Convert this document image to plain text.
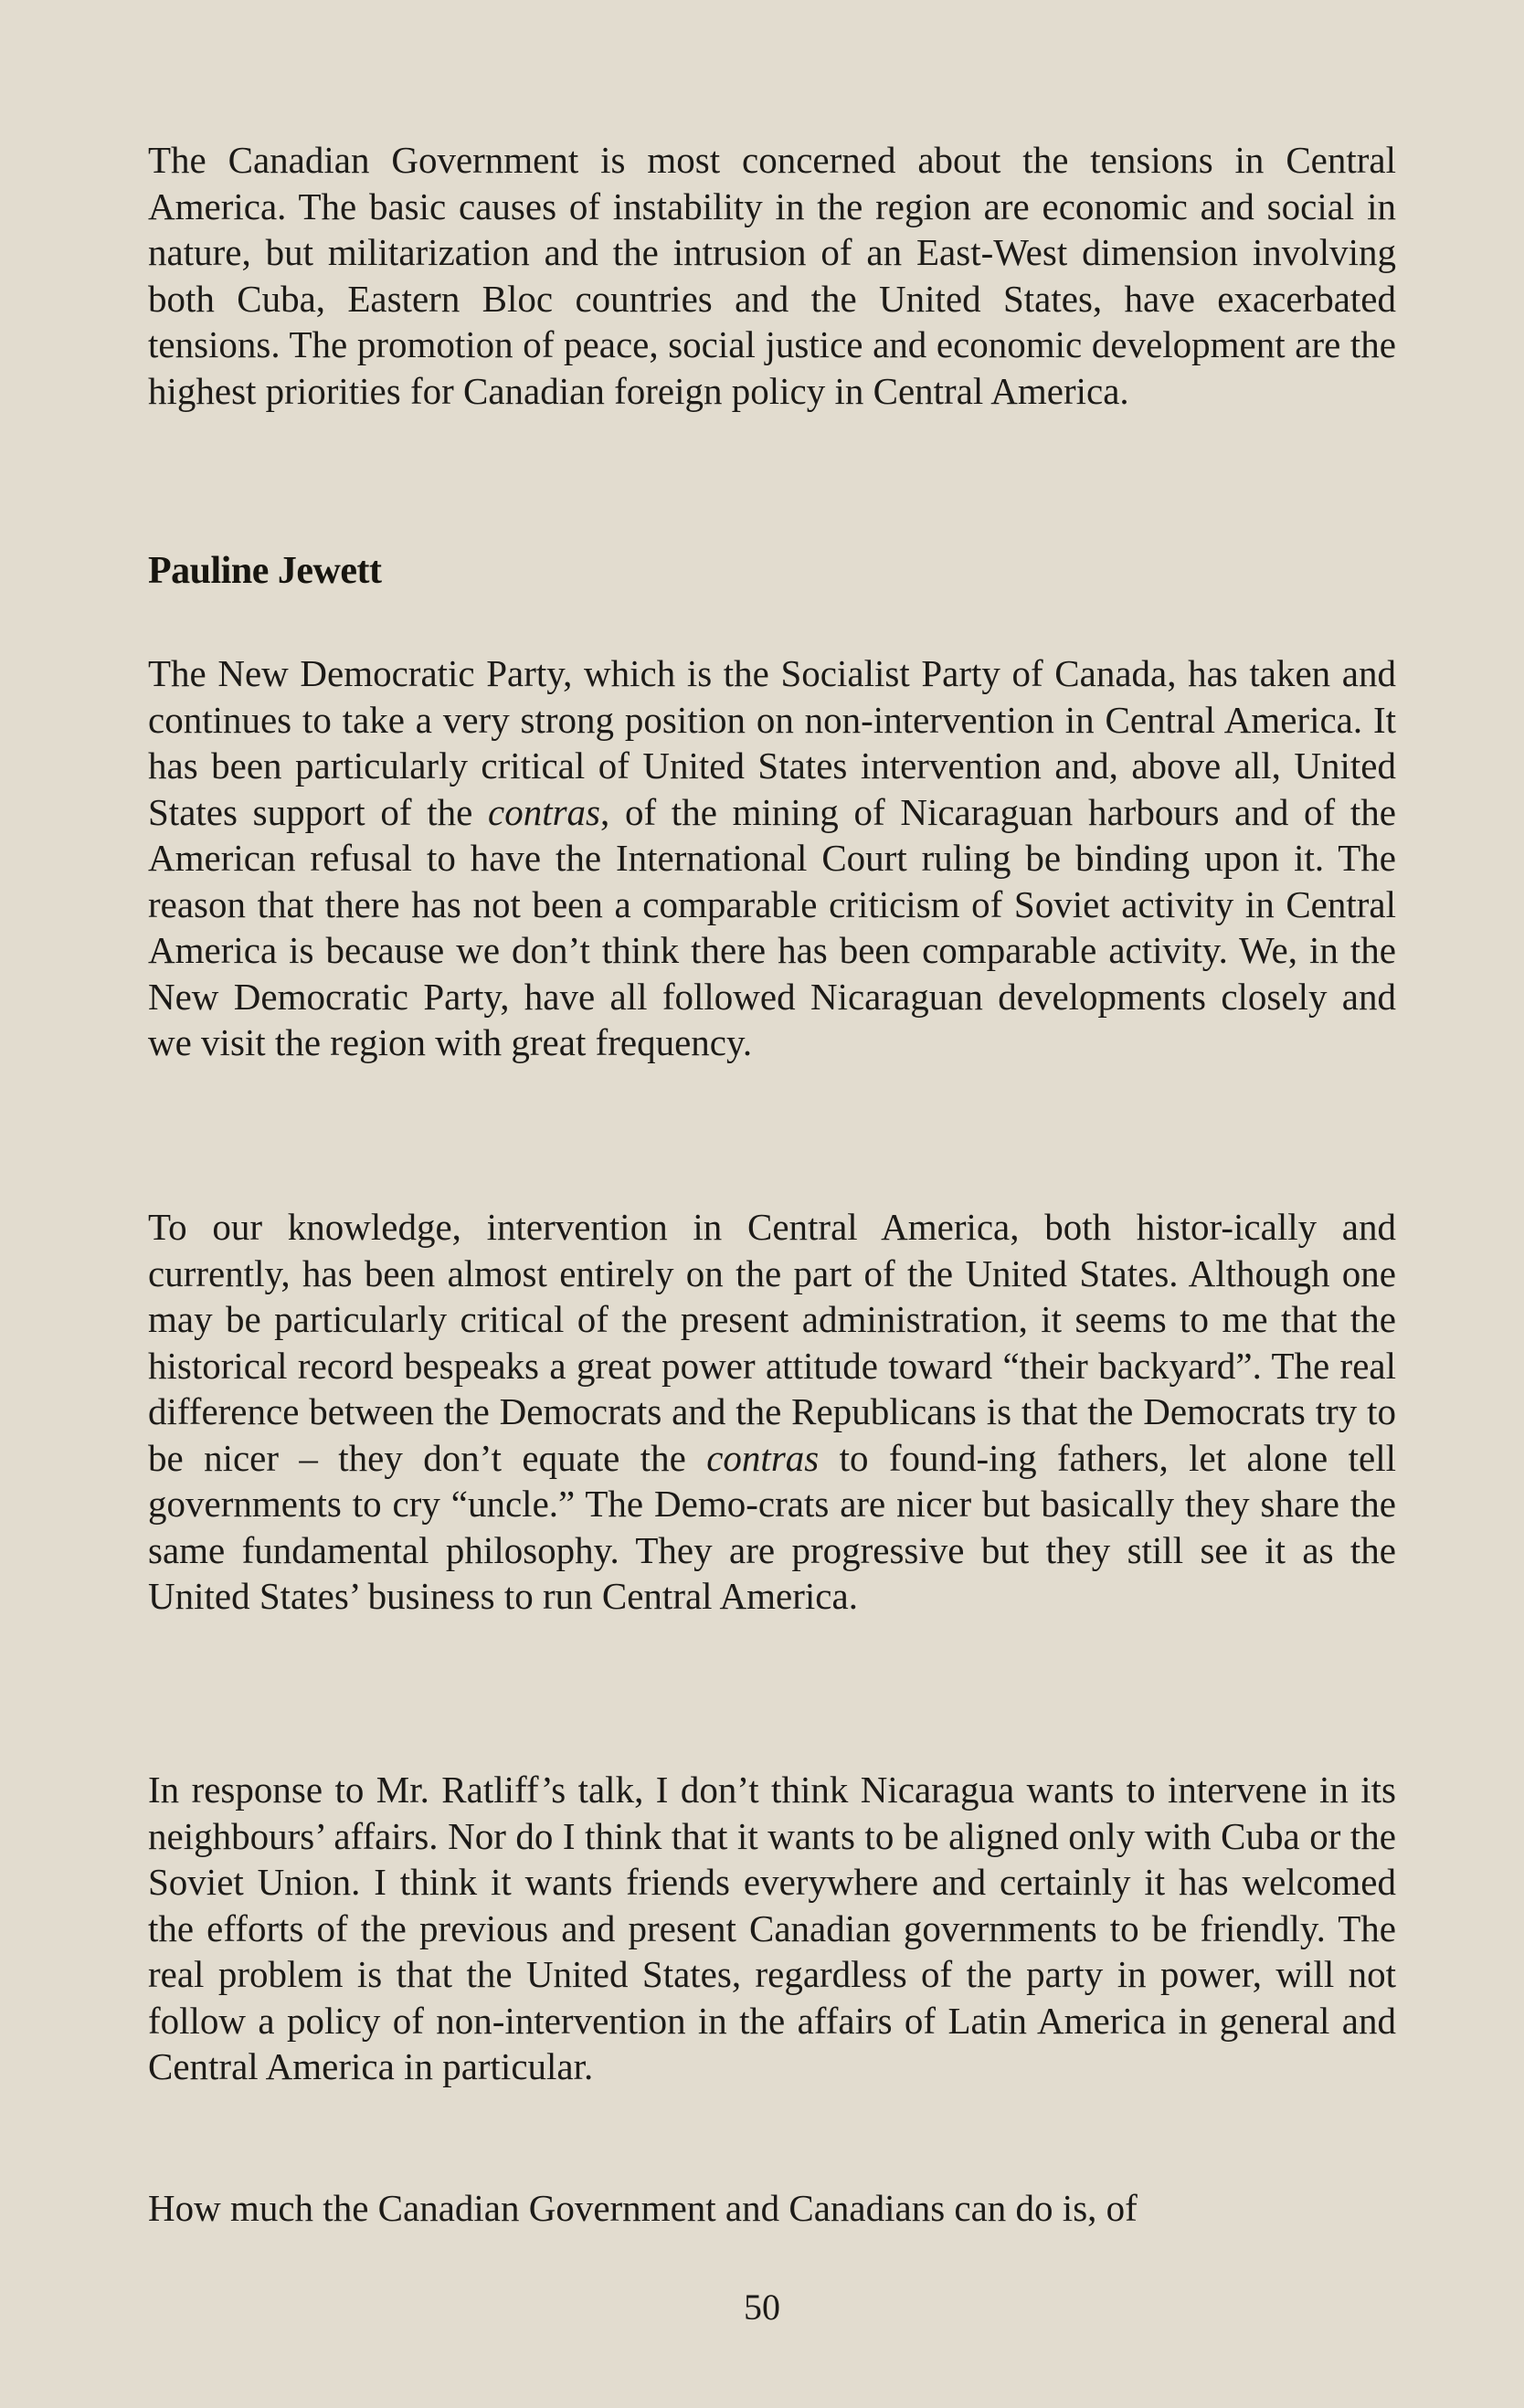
The Canadian Government is most concerned about the tensions in Central America. The basic causes of instability in the region are economic and social in nature, but militarization and the intrusion of an East-West dimension involving both Cuba, Eastern Bloc countries and the United States, have exacerbated tensions. The promotion of peace, social justice and economic development are the highest priorities for Canadian foreign policy in Central America.

Pauline Jewett

The New Democratic Party, which is the Socialist Party of Canada, has taken and continues to take a very strong position on non-intervention in Central America. It has been particularly critical of United States intervention and, above all, United States support of the contras, of the mining of Nicaraguan harbours and of the American refusal to have the International Court ruling be binding upon it. The reason that there has not been a comparable criticism of Soviet activity in Central America is because we don’t think there has been comparable activity. We, in the New Democratic Party, have all followed Nicaraguan developments closely and we visit the region with great frequency.

To our knowledge, intervention in Central America, both histor-ically and currently, has been almost entirely on the part of the United States. Although one may be particularly critical of the present administration, it seems to me that the historical record bespeaks a great power attitude toward “their backyard”. The real difference between the Democrats and the Republicans is that the Democrats try to be nicer – they don’t equate the contras to found-ing fathers, let alone tell governments to cry “uncle.” The Demo-crats are nicer but basically they share the same fundamental philosophy. They are progressive but they still see it as the United States’ business to run Central America.

In response to Mr. Ratliff’s talk, I don’t think Nicaragua wants to intervene in its neighbours’ affairs. Nor do I think that it wants to be aligned only with Cuba or the Soviet Union. I think it wants friends everywhere and certainly it has welcomed the efforts of the previous and present Canadian governments to be friendly. The real problem is that the United States, regardless of the party in power, will not follow a policy of non-intervention in the affairs of Latin America in general and Central America in particular.

How much the Canadian Government and Canadians can do is, of

50
